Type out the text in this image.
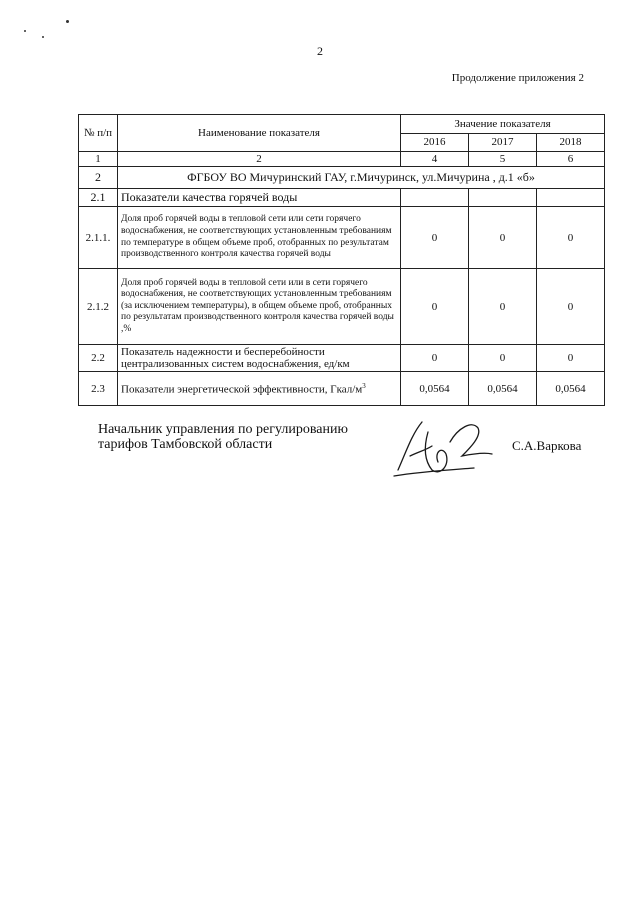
2
Продолжение приложения 2
№ п/п	Наименование показателя	Значение показателя		
		2016	2017	2018
1	2	4	5	6
2	ФГБОУ ВО Мичуринский ГАУ, г.Мичуринск, ул.Мичурина , д.1 «б»			
2.1	Показатели качества горячей воды			
2.1.1.	Доля проб горячей воды в тепловой сети или сети горячего водоснабжения, не соответствующих установленным требованиям по температуре в общем объеме проб, отобранных по результатам производственного контроля качества горячей воды	0	0	0
2.1.2	Доля проб горячей воды в тепловой сети или в сети горячего водоснабжения, не соответствующих установленным требованиям (за исключением температуры), в общем объеме проб, отобранных по результатам производственного контроля качества горячей воды ,%	0	0	0
2.2	Показатель надежности и бесперебойности централизованных систем водоснабжения, ед/км	0	0	0
2.3	Показатели энергетической эффективности, Гкал/$м^3$	0,0564	0,0564	0,0564
Начальник управления по регулированию
тарифов Тамбовской области	С.А.Варкова
